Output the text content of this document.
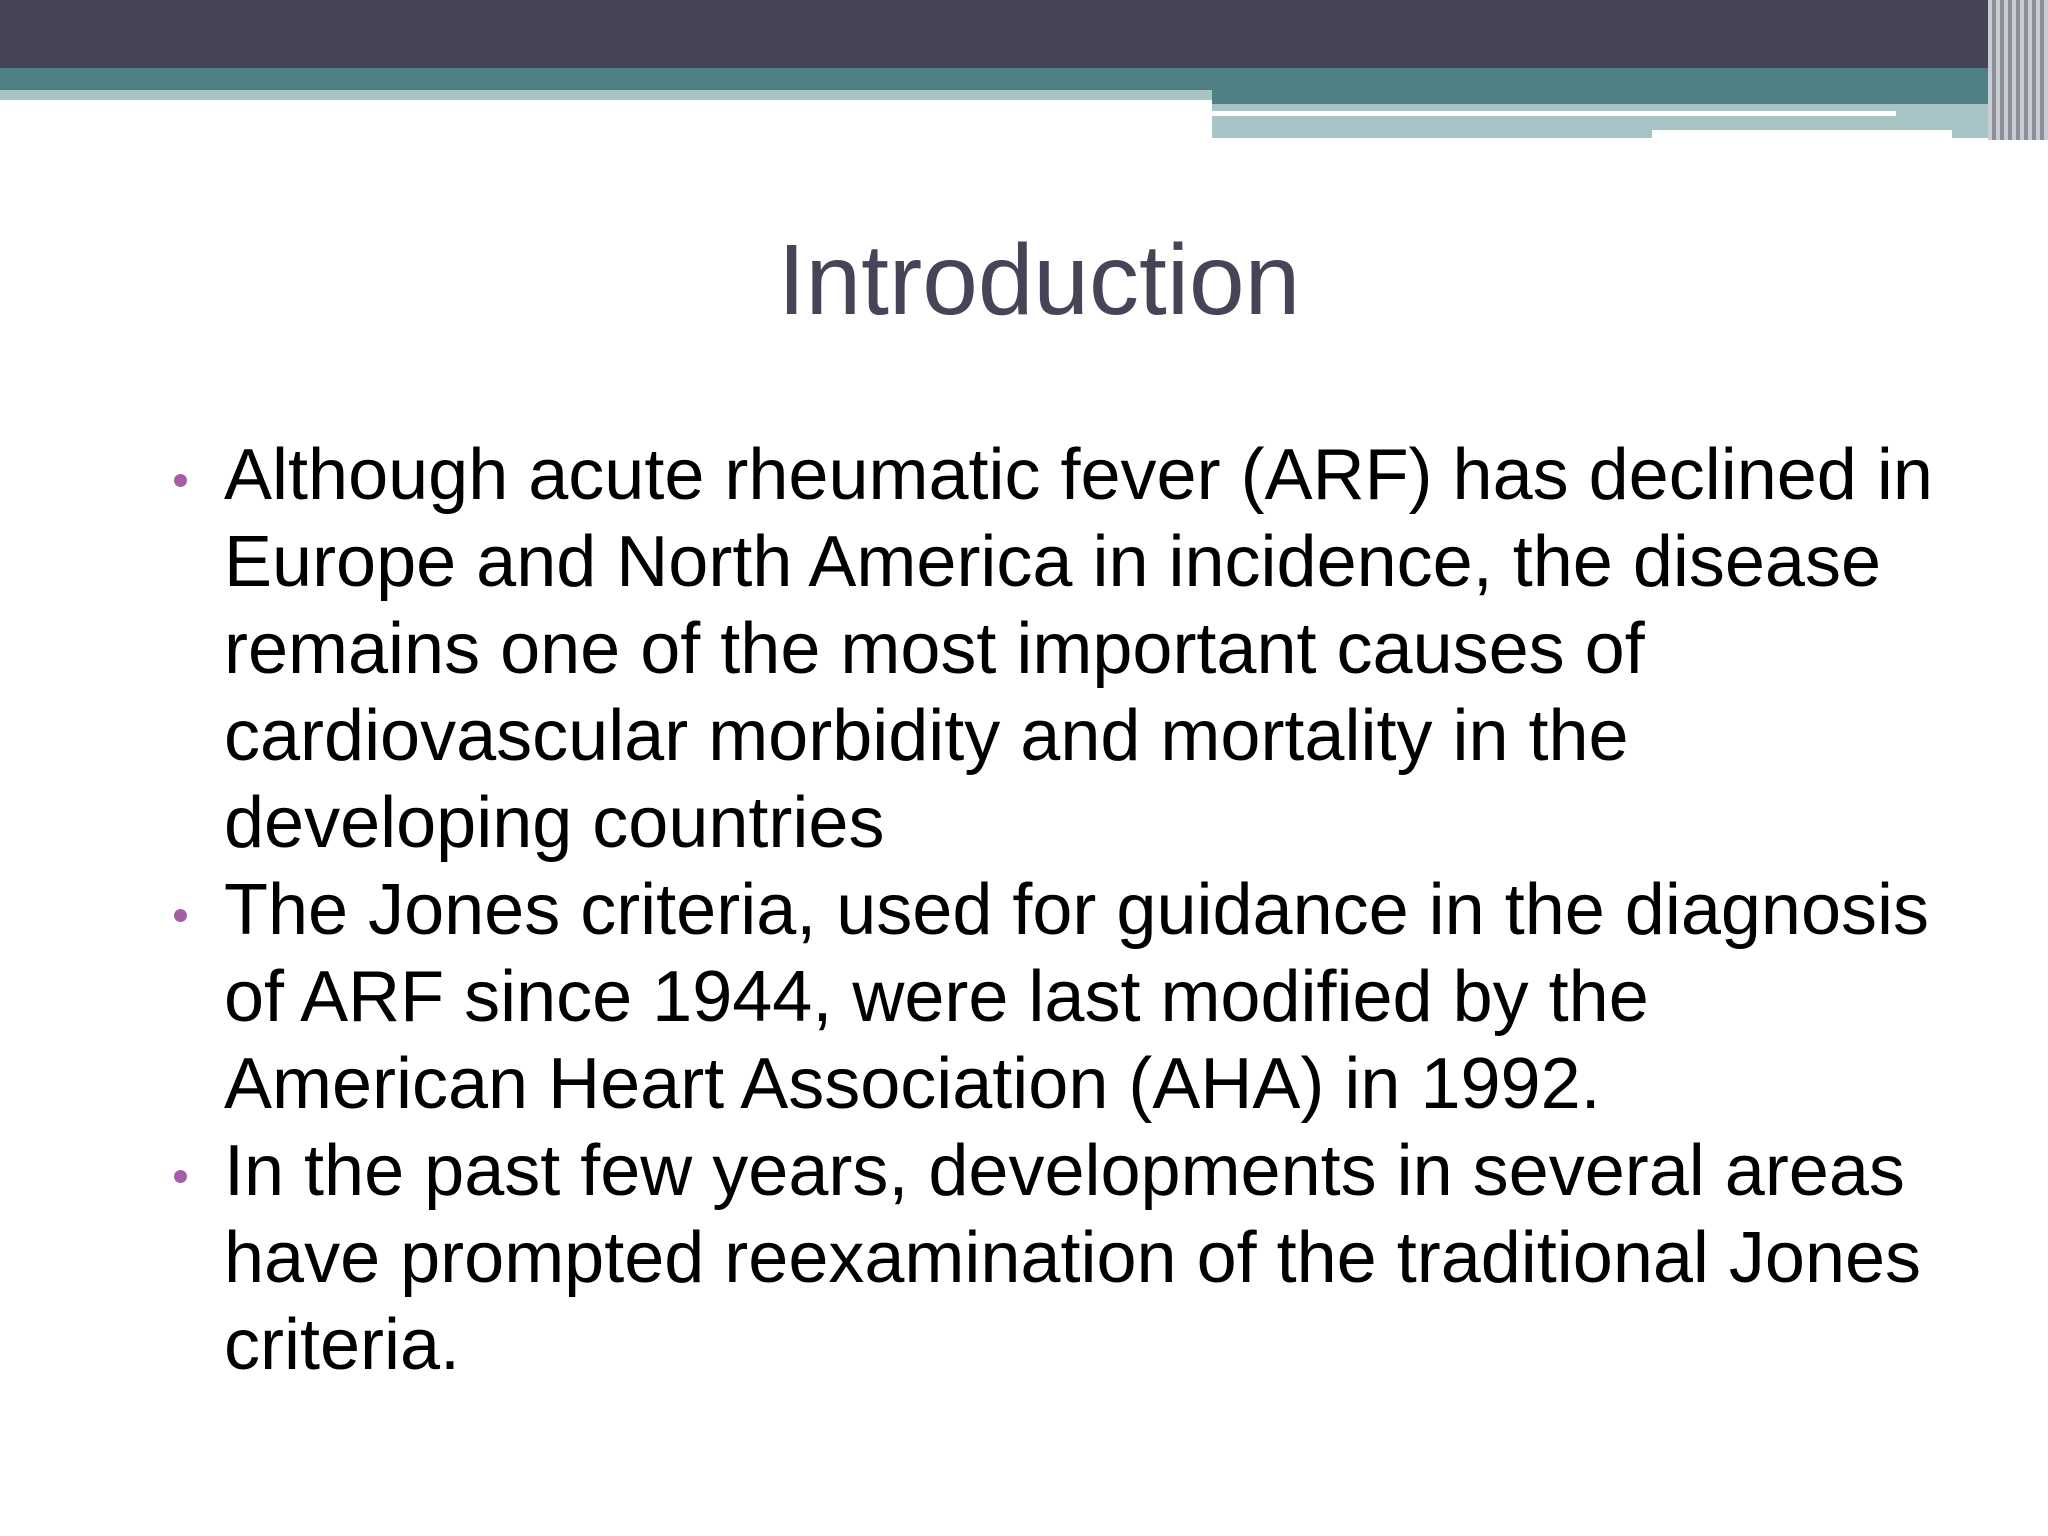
Introduction
Although acute rheumatic fever (ARF) has declined in Europe and North America in incidence, the disease remains one of the most important causes of cardiovascular morbidity and mortality in the developing countries
The Jones criteria, used for guidance in the diagnosis of ARF since 1944, were last modified by the American Heart Association (AHA) in 1992.
In the past few years, developments in several areas have prompted reexamination of the traditional Jones criteria.
